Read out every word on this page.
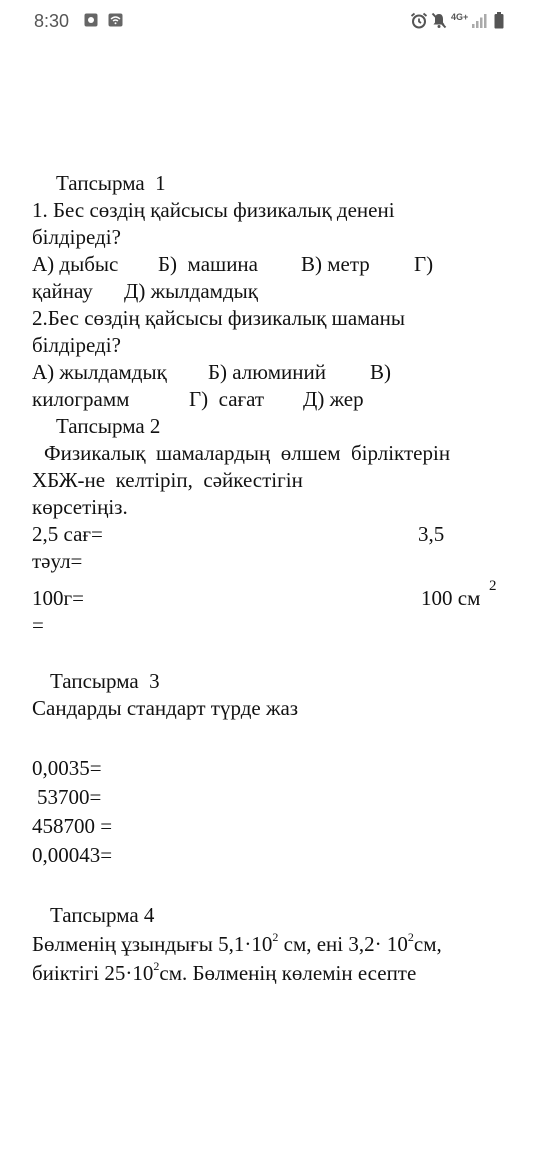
8:30	4G+
Тапсырма  1
1. Бес сөздің қайсысы физикалық денені
білдіреді?
А) дыбыс Б)  машина В) метр Г)
қайнау Д) жылдамдық
2.Бес сөздің қайсысы физикалық шаманы
білдіреді?
А) жылдамдық Б) алюминий В)
килограмм	Г)  сағат Д) жер
Тапсырма 2
Физикалық  шамалардың  өлшем  бірліктерін
ХБЖ-не  келтіріп,  сәйкестігін
көрсетіңіз.
2,5 сағ=	3,5
тәул=
100г=	100 см 2
=
Тапсырма  3
Сандарды стандарт түрде жаз
0,0035=
53700=
458700 =
0,00043=
Тапсырма 4
Бөлменің ұзындығы $5,1\cdot 10^2$ см, ені $3,2\cdot 10^2см$,
биіктігі $25\cdot 10^2см$. Бөлменің көлемін есепте
